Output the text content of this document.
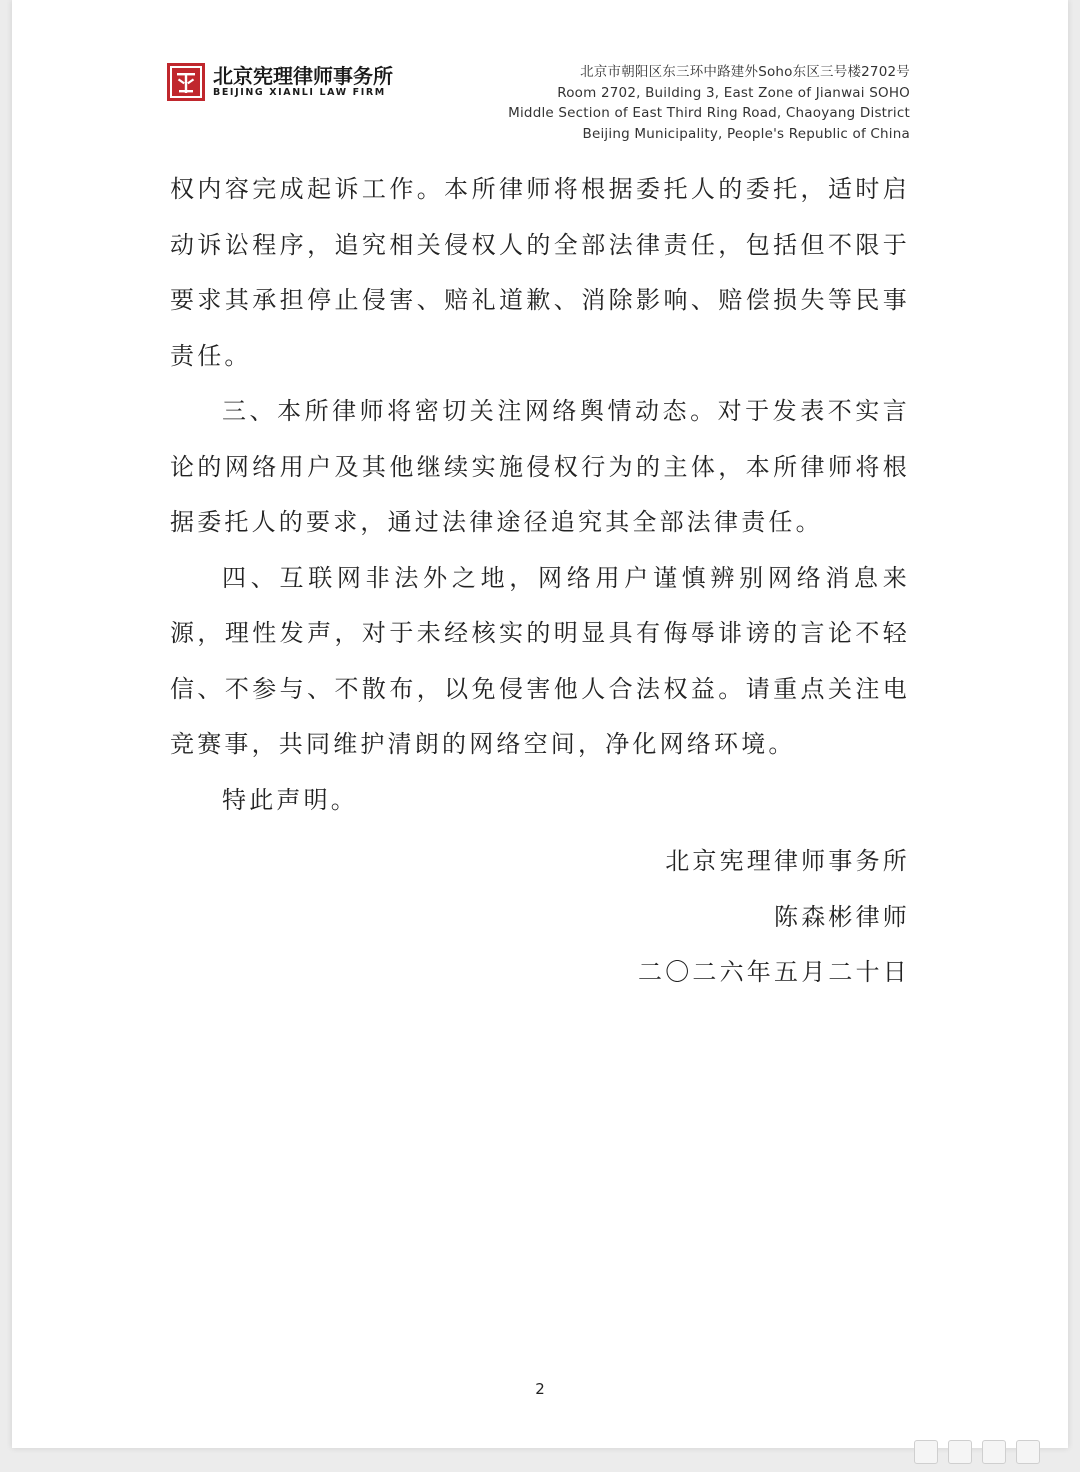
北京宪理律师事务所
BEIJING XIANLI LAW FIRM
北京市朝阳区东三环中路建外Soho东区三号楼2702号
Room 2702, Building 3, East Zone of Jianwai SOHO
Middle Section of East Third Ring Road, Chaoyang District
Beijing Municipality, People's Republic of China

权内容完成起诉工作。本所律师将根据委托人的委托，适时启动诉讼程序，追究相关侵权人的全部法律责任，包括但不限于要求其承担停止侵害、赔礼道歉、消除影响、赔偿损失等民事责任。

三、本所律师将密切关注网络舆情动态。对于发表不实言论的网络用户及其他继续实施侵权行为的主体，本所律师将根据委托人的要求，通过法律途径追究其全部法律责任。

四、互联网非法外之地，网络用户谨慎辨别网络消息来源，理性发声，对于未经核实的明显具有侮辱诽谤的言论不轻信、不参与、不散布，以免侵害他人合法权益。请重点关注电竞赛事，共同维护清朗的网络空间，净化网络环境。

特此声明。

北京宪理律师事务所
陈森彬律师
二〇二六年五月二十日
2
